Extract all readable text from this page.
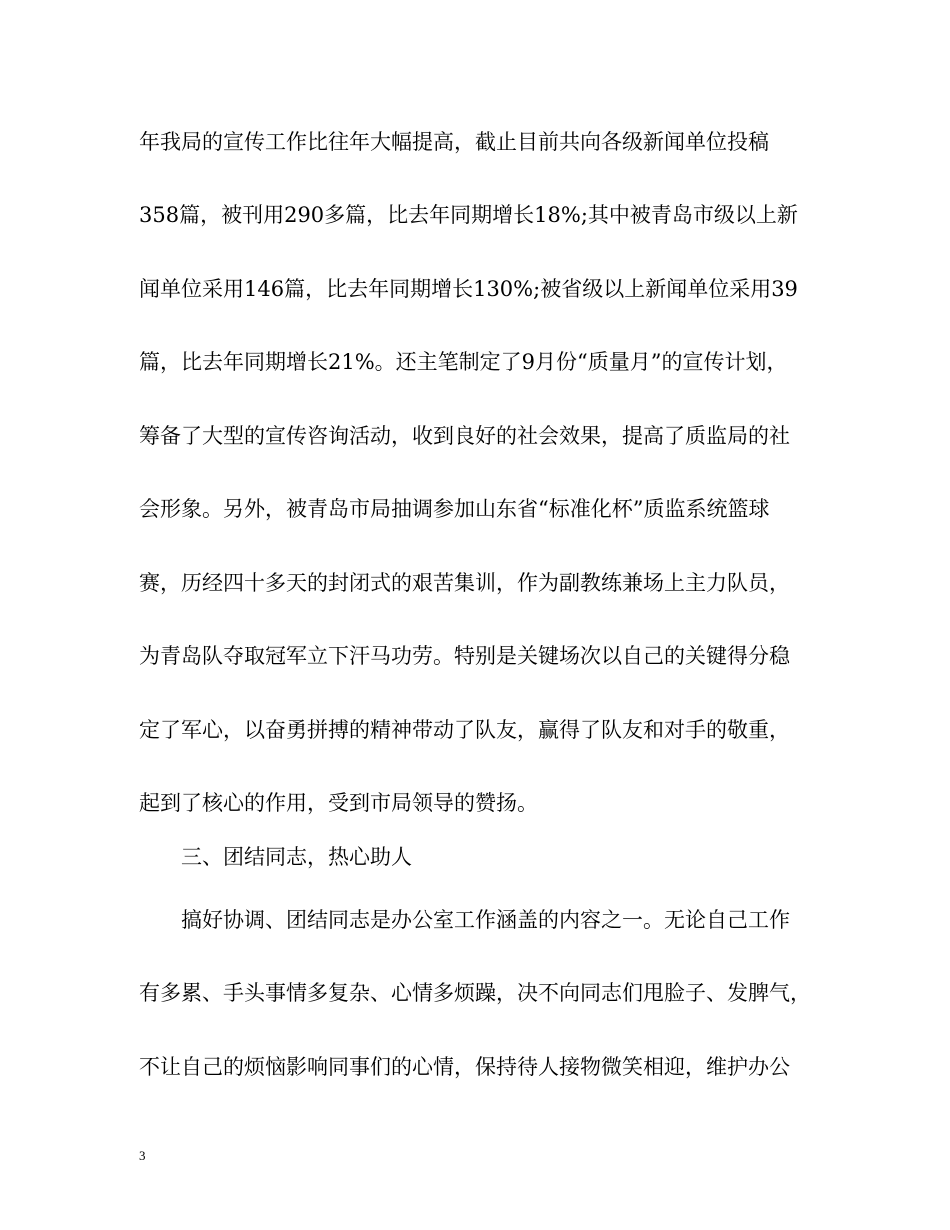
年我局的宣传工作比往年大幅提高，截止目前共向各级新闻单位投稿
358篇，被刊用290多篇，比去年同期增长18%;其中被青岛市级以上新
闻单位采用146篇，比去年同期增长130%;被省级以上新闻单位采用39
篇，比去年同期增长21%。还主笔制定了9月份“质量月”的宣传计划，
筹备了大型的宣传咨询活动，收到良好的社会效果，提高了质监局的社
会形象。另外，被青岛市局抽调参加山东省“标准化杯”质监系统篮球
赛，历经四十多天的封闭式的艰苦集训，作为副教练兼场上主力队员，
为青岛队夺取冠军立下汗马功劳。特别是关键场次以自己的关键得分稳
定了军心，以奋勇拼搏的精神带动了队友，赢得了队友和对手的敬重，
起到了核心的作用，受到市局领导的赞扬。
　　三、团结同志，热心助人
　　搞好协调、团结同志是办公室工作涵盖的内容之一。无论自己工作
有多累、手头事情多复杂、心情多烦躁，决不向同志们甩脸子、发脾气，
不让自己的烦恼影响同事们的心情，保持待人接物微笑相迎，维护办公
3
